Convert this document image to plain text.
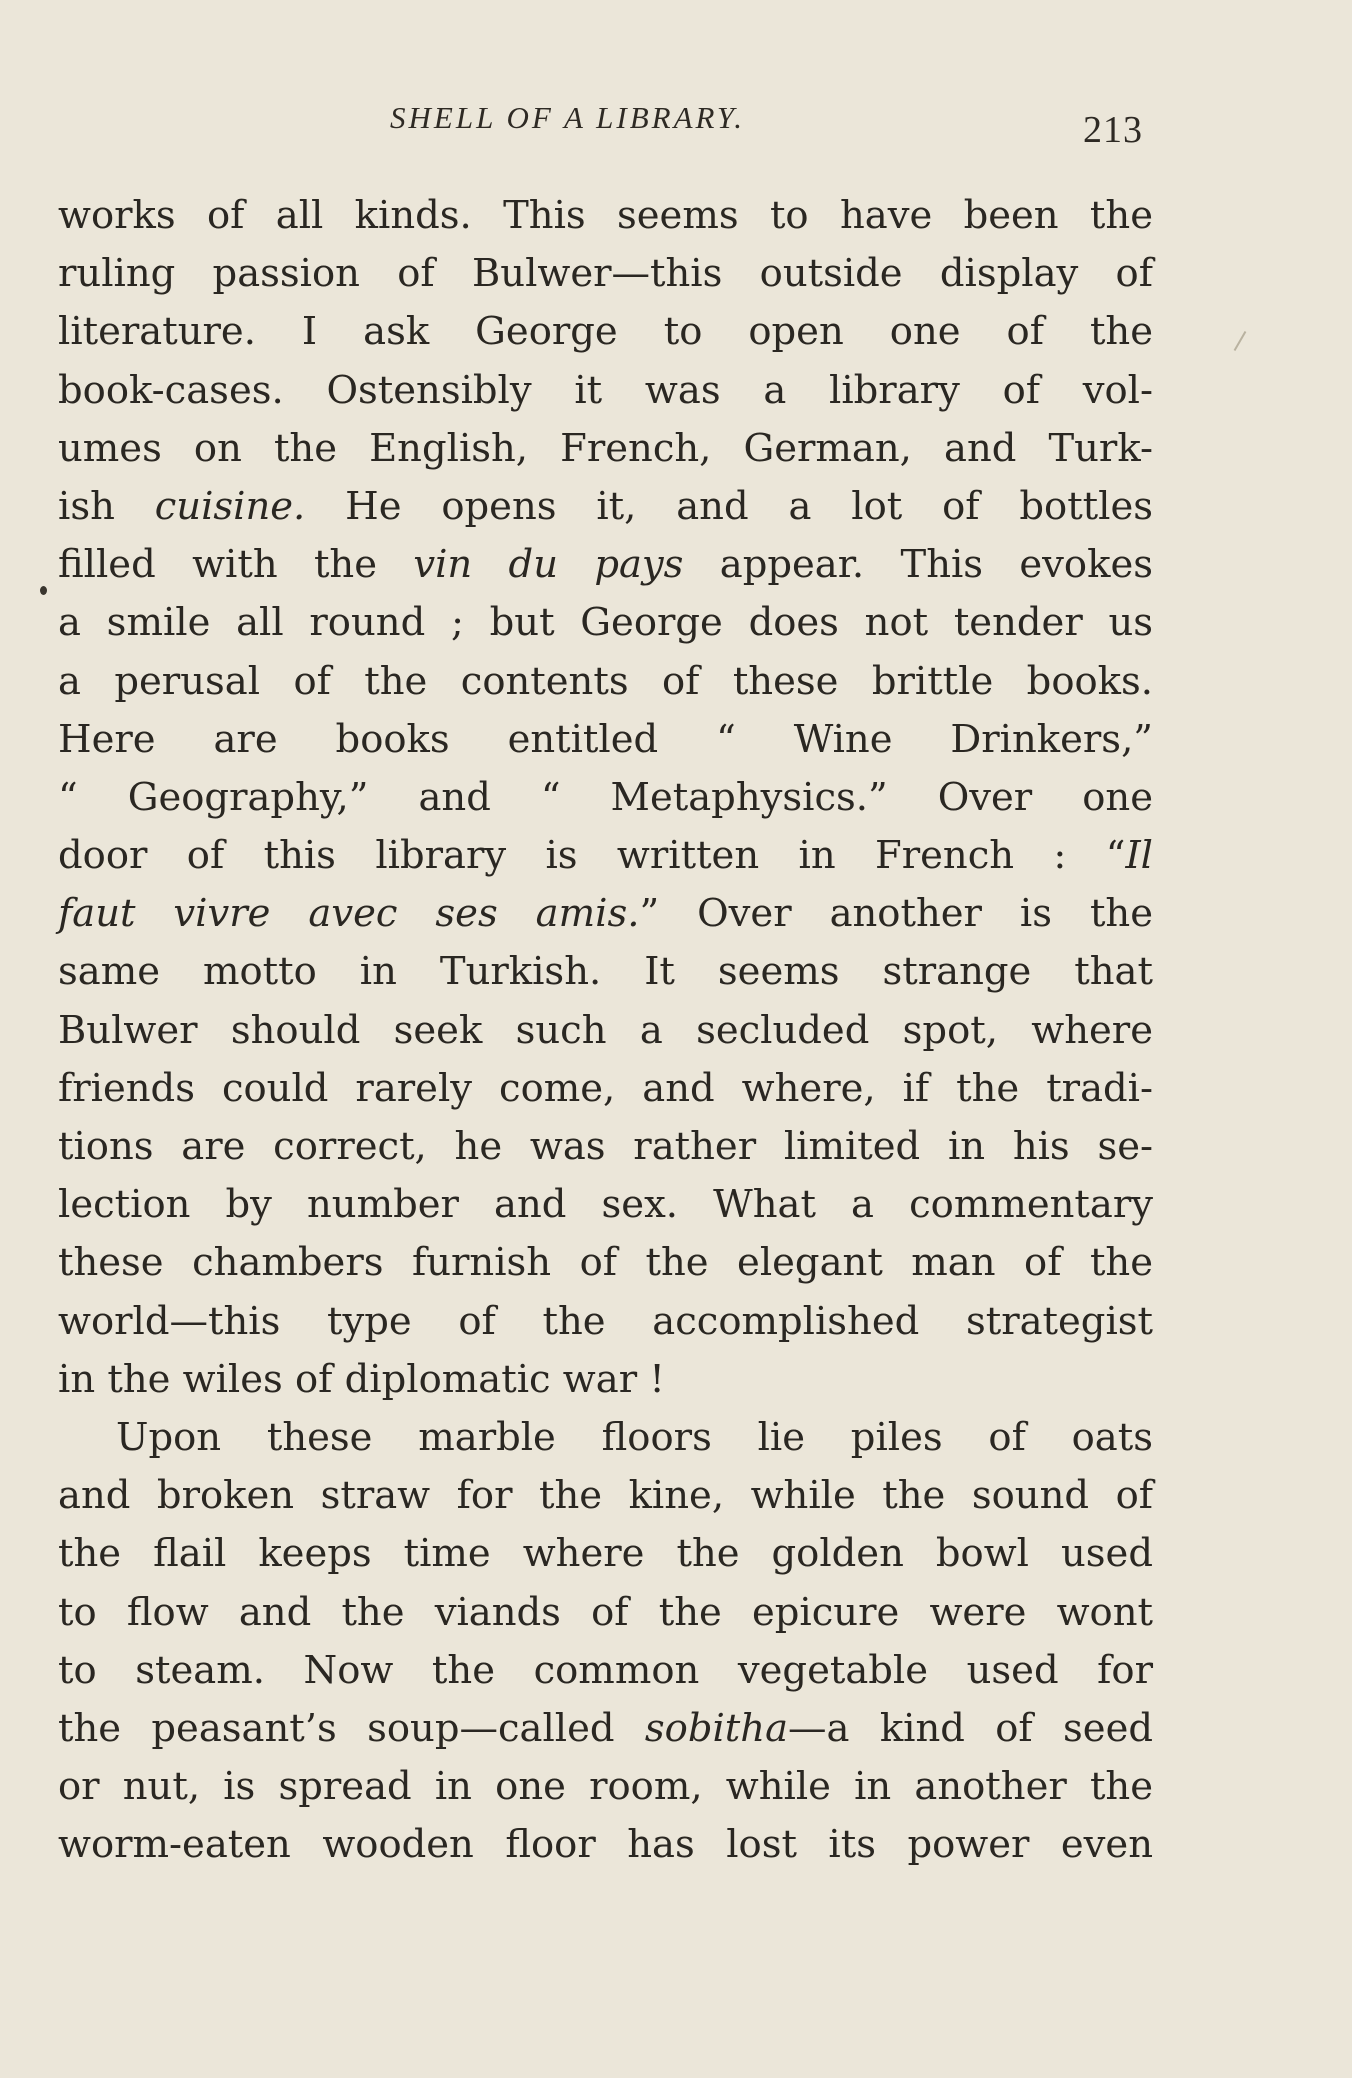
SHELL OF A LIBRARY.	213
works of all kinds. This seems to have been the
ruling passion of Bulwer—this outside display of
literature. I ask George to open one of the
book-cases. Ostensibly it was a library of vol-
umes on the English, French, German, and Turk-
ish cuisine. He opens it, and a lot of bottles
filled with the vin du pays appear. This evokes
a smile all round ; but George does not tender us
a perusal of the contents of these brittle books.
Here are books entitled “ Wine Drinkers,”
“ Geography,” and “ Metaphysics.” Over one
door of this library is written in French : “Il
faut vivre avec ses amis.” Over another is the
same motto in Turkish. It seems strange that
Bulwer should seek such a secluded spot, where
friends could rarely come, and where, if the tradi-
tions are correct, he was rather limited in his se-
lection by number and sex. What a commentary
these chambers furnish of the elegant man of the
world—this type of the accomplished strategist
in the wiles of diplomatic war !
Upon these marble floors lie piles of oats
and broken straw for the kine, while the sound of
the flail keeps time where the golden bowl used
to flow and the viands of the epicure were wont
to steam. Now the common vegetable used for
the peasant’s soup—called sobitha—a kind of seed
or nut, is spread in one room, while in another the
worm-eaten wooden floor has lost its power even
